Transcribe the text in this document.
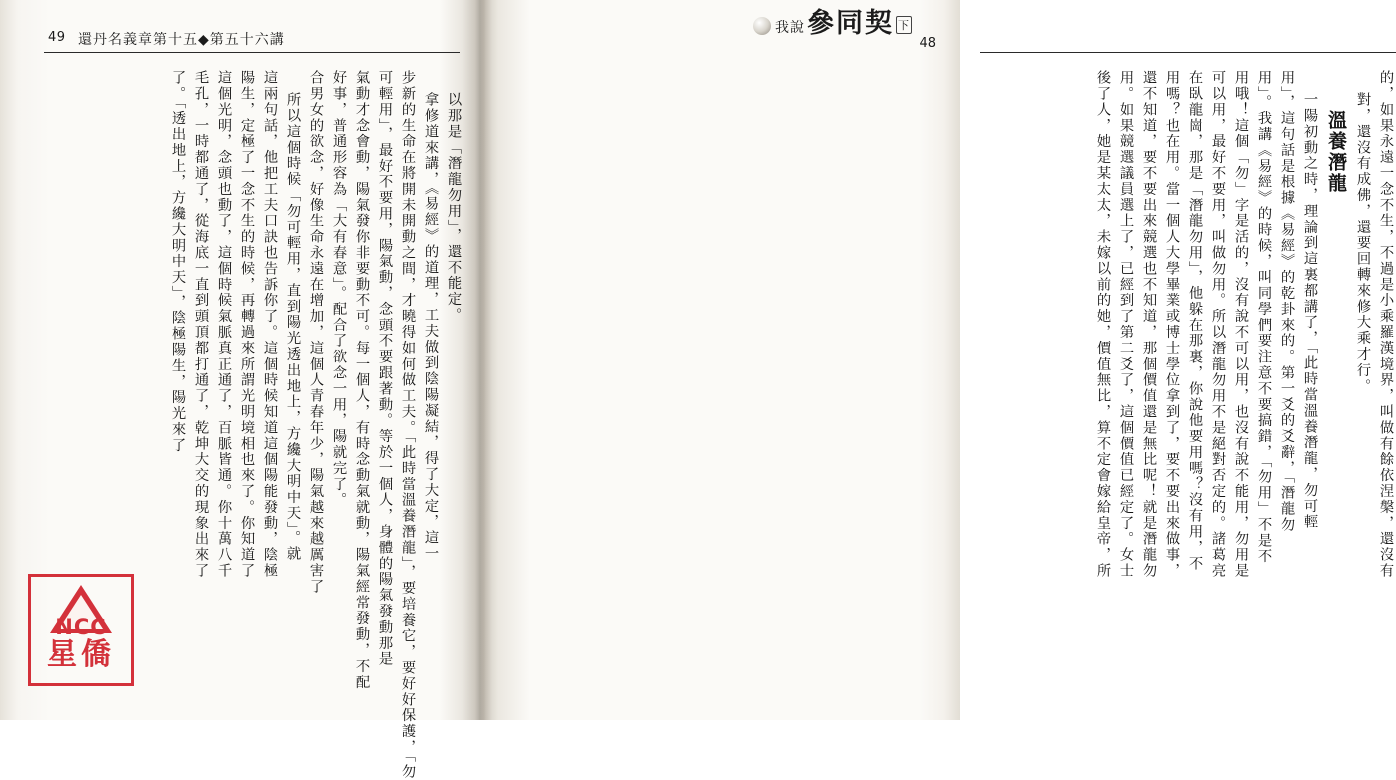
49 還丹名義章第十五◆第五十六講
以那是「潛龍勿用」，還不能定。
拿修道來講，《易經》的道理，工夫做到陰陽凝結，得了大定，這一
步新的生命在將開未開動之間，才曉得如何做工夫。「此時當溫養潛龍」，要培養它，要好好保護，「勿
可輕用」，最好不要用，陽氣動，念頭不要跟著動。等於一個人，身體的陽氣發動那是
氣動才念會動，陽氣發你非要動不可。每一個人，有時念動氣就動，陽氣經常發動，不配
好事，普通形容為「大有春意」。配合了欲念一用，陽就完了。
合男女的欲念，好像生命永遠在增加，這個人青春年少，陽氣越來越厲害了
所以這個時候「勿可輕用，直到陽光透出地上，方纔大明中天」。就
這兩句話，他把工夫口訣也告訴你了。這個時候知道這個陽能發動，陰極
陽生，定極了一念不生的時候，再轉過來所謂光明境相也來了。你知道了
這個光明，念頭也動了，這個時候氣脈真正通了，百脈皆通。你十萬八千
毛孔，一時都通了，從海底一直到頭頂都打通了，乾坤大交的現象出來了
了。「透出地上，方纔大明中天」，陰極陽生，陽光來了
NCC
星僑
48
我說 參同契 下
的，如果永遠一念不生，不過是小乘羅漢境界，叫做有餘依涅槃，還沒有
對，還沒有成佛，還要回轉來修大乘才行。
溫養潛龍
一陽初動之時，理論到這裏都講了，「此時當溫養潛龍，勿可輕
用」，這句話是根據《易經》的乾卦來的。第一爻的爻辭，「潛龍勿
用」。我講《易經》的時候，叫同學們要注意不要搞錯，「勿用」不是不
用哦！這個「勿」字是活的，沒有說不可以用，也沒有說不能用，勿用是
可以用，最好不要用，叫做勿用。所以潛龍勿用不是絕對否定的。諸葛亮
在臥龍崗，那是「潛龍勿用」，他躲在那裏，你說他要用嗎？沒有用，不
用嗎？也在用。當一個人大學畢業或博士學位拿到了，要不要出來做事，
還不知道，要不要出來競選也不知道，那個價值還是無比呢！就是潛龍勿
用。如果競選議員選上了，已經到了第二爻了，這個價值已經定了。女士
後了人，她是某太太，未嫁以前的她，價值無比，算不定會嫁給皇帝，所
